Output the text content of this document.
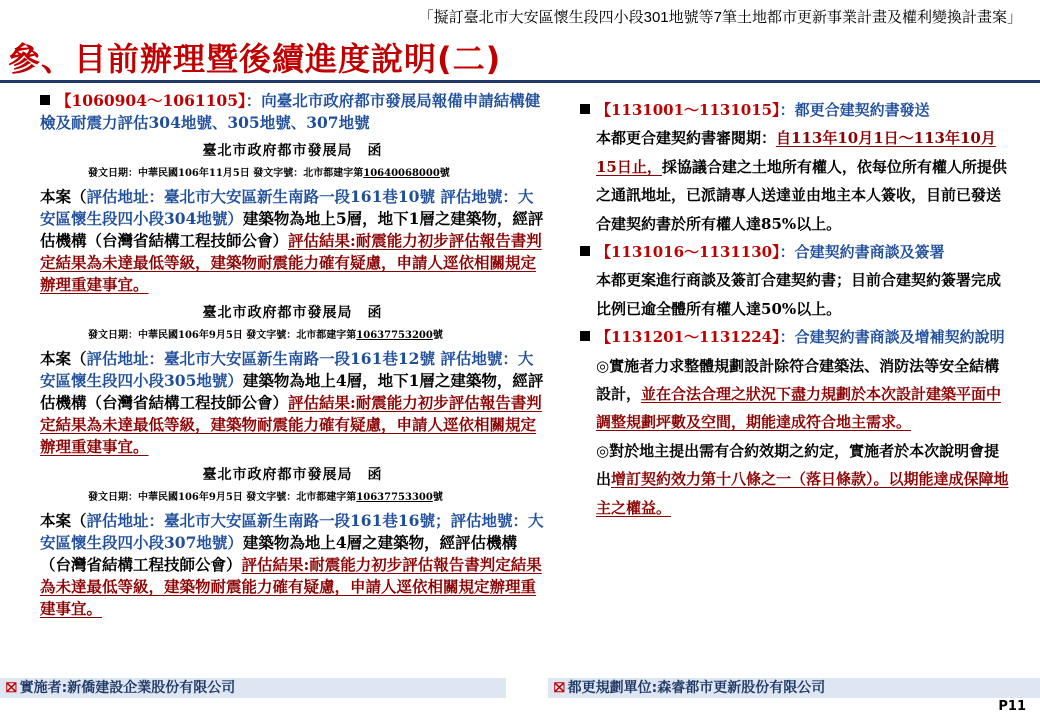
「擬訂臺北市大安區懷生段四小段301地號等7筆土地都市更新事業計畫及權利變換計畫案」
參、目前辦理暨後續進度說明(二)
【1060904～1061105】：向臺北市政府都市發展局報備申請結構健檢及耐震力評估304地號、305地號、307地號
臺北市政府都市發展局　函
發文日期：中華民國106年11月5日 發文字號：北市都建字第10640068000號
本案（評估地址：臺北市大安區新生南路一段161巷10號 評估地號：大安區懷生段四小段304地號）建築物為地上5層，地下1層之建築物，經評估機構（台灣省結構工程技師公會）評估結果:耐震能力初步評估報告書判定結果為未達最低等級，建築物耐震能力確有疑慮，申請人逕依相關規定辦理重建事宜。
臺北市政府都市發展局　函
發文日期：中華民國106年9月5日 發文字號：北市都建字第10637753200號
本案（評估地址：臺北市大安區新生南路一段161巷12號 評估地號：大安區懷生段四小段305地號）建築物為地上4層，地下1層之建築物，經評估機構（台灣省結構工程技師公會）評估結果:耐震能力初步評估報告書判定結果為未達最低等級，建築物耐震能力確有疑慮，申請人逕依相關規定辦理重建事宜。
臺北市政府都市發展局　函
發文日期：中華民國106年9月5日 發文字號：北市都建字第10637753300號
本案（評估地址：臺北市大安區新生南路一段161巷16號；評估地號：大安區懷生段四小段307地號）建築物為地上4層之建築物，經評估機構（台灣省結構工程技師公會）評估結果:耐震能力初步評估報告書判定結果為未達最低等級，建築物耐震能力確有疑慮，申請人逕依相關規定辦理重建事宜。
【1131001～1131015】：都更合建契約書發送
本都更合建契約書審閱期：自113年10月1日～113年10月15日止，採協議合建之土地所有權人，依每位所有權人所提供之通訊地址，已派請專人送達並由地主本人簽收，目前已發送合建契約書於所有權人達85%以上。
【1131016～1131130】：合建契約書商談及簽署
本都更案進行商談及簽訂合建契約書；目前合建契約簽署完成比例已逾全體所有權人達50%以上。
【1131201～1131224】：合建契約書商談及增補契約說明
◎實施者力求整體規劃設計除符合建築法、消防法等安全結構設計，並在合法合理之狀況下盡力規劃於本次設計建築平面中調整規劃坪數及空間，期能達成符合地主需求。
◎對於地主提出需有合約效期之約定，實施者於本次說明會提出增訂契約效力第十八條之一（落日條款）。以期能達成保障地主之權益。
⛝ 實施者:新僑建設企業股份有限公司	⛝ 都更規劃單位:森睿都市更新股份有限公司
P11
